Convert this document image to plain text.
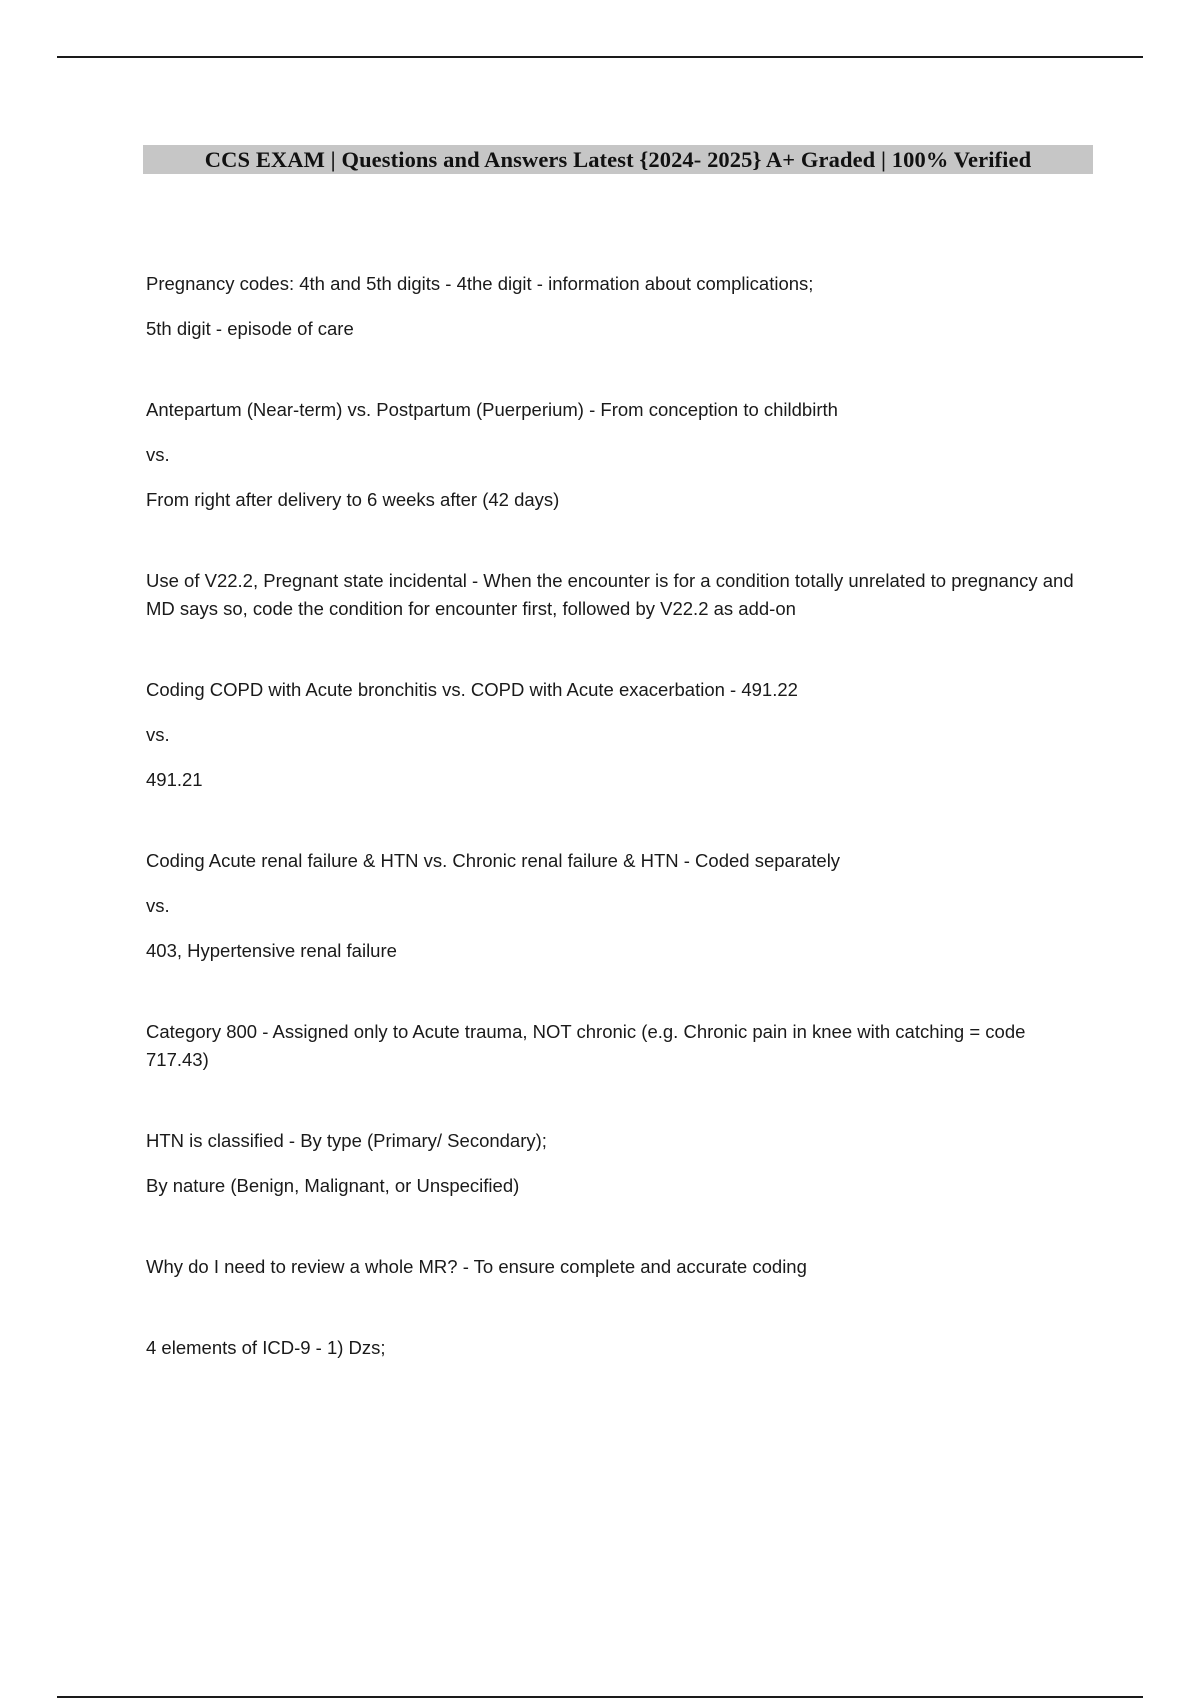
CCS EXAM | Questions and Answers Latest {2024- 2025} A+ Graded | 100% Verified

Pregnancy codes: 4th and 5th digits - 4the digit - information about complications;

5th digit - episode of care

Antepartum (Near-term) vs. Postpartum (Puerperium) - From conception to childbirth

vs.

From right after delivery to 6 weeks after (42 days)

Use of V22.2, Pregnant state incidental - When the encounter is for a condition totally unrelated to pregnancy and MD says so, code the condition for encounter first, followed by V22.2 as add-on

Coding COPD with Acute bronchitis vs. COPD with Acute exacerbation - 491.22

vs.

491.21

Coding Acute renal failure & HTN vs. Chronic renal failure & HTN - Coded separately

vs.

403, Hypertensive renal failure

Category 800 - Assigned only to Acute trauma, NOT chronic (e.g. Chronic pain in knee with catching = code 717.43)

HTN is classified - By type (Primary/ Secondary);

By nature (Benign, Malignant, or Unspecified)

Why do I need to review a whole MR? - To ensure complete and accurate coding

4 elements of ICD-9 - 1) Dzs;
